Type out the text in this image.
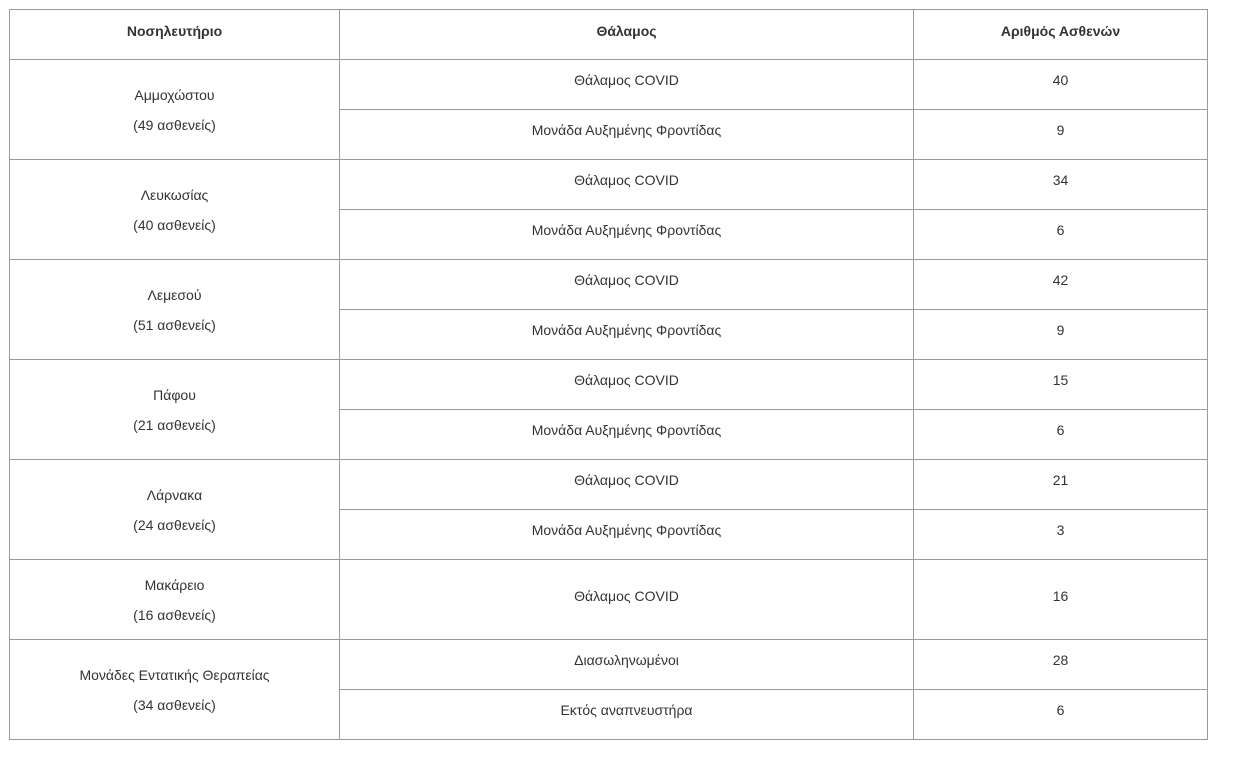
Νοσηλευτήριο	Θάλαμος	Αριθμός Ασθενών

Αμμοχώστου
(49 ασθενείς)	Θάλαμος COVID	40
	Μονάδα Αυξημένης Φροντίδας	9

Λευκωσίας
(40 ασθενείς)	Θάλαμος COVID	34
	Μονάδα Αυξημένης Φροντίδας	6

Λεμεσού
(51 ασθενείς)	Θάλαμος COVID	42
	Μονάδα Αυξημένης Φροντίδας	9

Πάφου
(21 ασθενείς)	Θάλαμος COVID	15
	Μονάδα Αυξημένης Φροντίδας	6

Λάρνακα
(24 ασθενείς)	Θάλαμος COVID	21
	Μονάδα Αυξημένης Φροντίδας	3

Μακάρειο
(16 ασθενείς)	Θάλαμος COVID	16

Μονάδες Εντατικής Θεραπείας
(34 ασθενείς)	Διασωληνωμένοι	28
	Εκτός αναπνευστήρα	6
